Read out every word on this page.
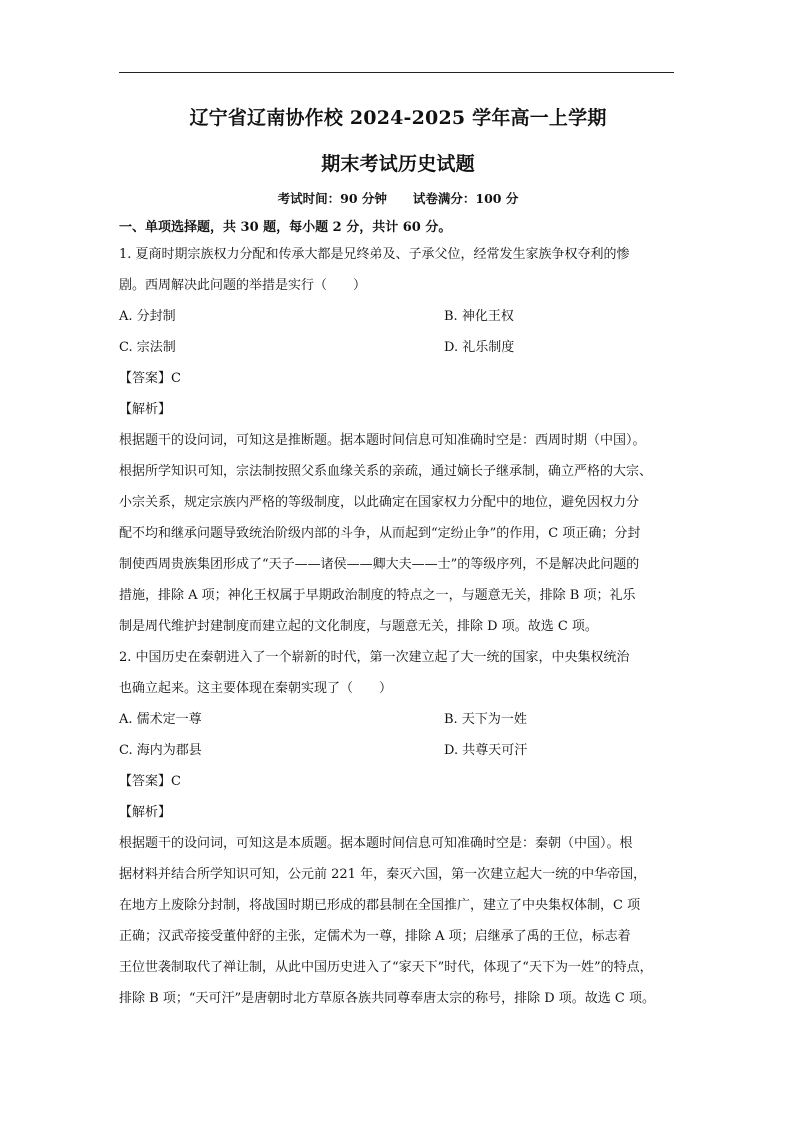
辽宁省辽南协作校 2024-2025 学年高一上学期

期末考试历史试题

考试时间：90 分钟 试卷满分：100 分
一、单项选择题，共 30 题，每小题 2 分，共计 60 分。

1. 夏商时期宗族权力分配和传承大都是兄终弟及、子承父位，经常发生家族争权夺利的惨

剧。西周解决此问题的举措是实行（　　）

A. 分封制	B. 神化王权
C. 宗法制	D. 礼乐制度
【答案】C
【解析】

根据题干的设问词，可知这是推断题。据本题时间信息可知准确时空是：西周时期（中国）。

根据所学知识可知，宗法制按照父系血缘关系的亲疏，通过嫡长子继承制，确立严格的大宗、

小宗关系，规定宗族内严格的等级制度，以此确定在国家权力分配中的地位，避免因权力分

配不均和继承问题导致统治阶级内部的斗争，从而起到“定纷止争”的作用，C 项正确；分封

制使西周贵族集团形成了“天子——诸侯——卿大夫——士”的等级序列，不是解决此问题的

措施，排除 A 项；神化王权属于早期政治制度的特点之一，与题意无关，排除 B 项；礼乐

制是周代维护封建制度而建立起的文化制度，与题意无关，排除 D 项。故选 C 项。

2. 中国历史在秦朝进入了一个崭新的时代，第一次建立起了大一统的国家，中央集权统治

也确立起来。这主要体现在秦朝实现了（　　）

A. 儒术定一尊	B. 天下为一姓
C. 海内为郡县	D. 共尊天可汗
【答案】C
【解析】

根据题干的设问词，可知这是本质题。据本题时间信息可知准确时空是：秦朝（中国）。根

据材料并结合所学知识可知，公元前 221 年，秦灭六国，第一次建立起大一统的中华帝国，

在地方上废除分封制，将战国时期已形成的郡县制在全国推广，建立了中央集权体制，C 项

正确；汉武帝接受董仲舒的主张，定儒术为一尊，排除 A 项；启继承了禹的王位，标志着

王位世袭制取代了禅让制，从此中国历史进入了“家天下”时代，体现了“天下为一姓”的特点，

排除 B 项；“天可汗”是唐朝时北方草原各族共同尊奉唐太宗的称号，排除 D 项。故选 C 项。
